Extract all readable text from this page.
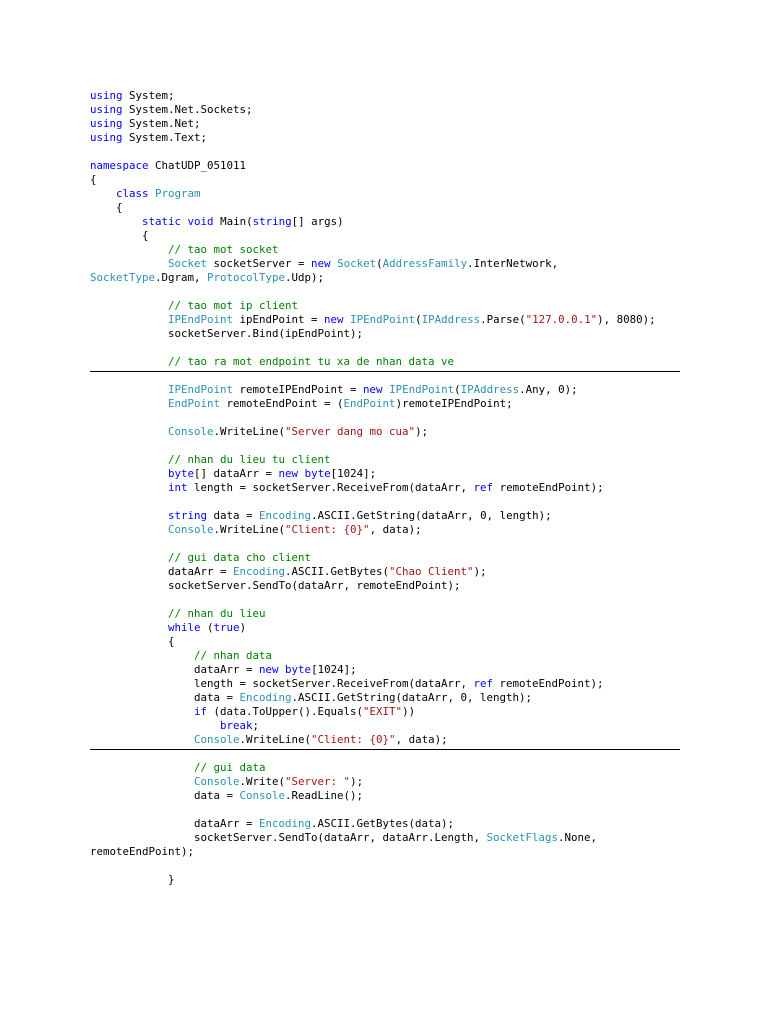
using System;
using System.Net.Sockets;
using System.Net;
using System.Text;
namespace ChatUDP_051011
{
class Program
{
static void Main(string[] args)
{
// tao mot socket
Socket socketServer = new Socket(AddressFamily.InterNetwork,
SocketType.Dgram, ProtocolType.Udp);
// tao mot ip client
IPEndPoint ipEndPoint = new IPEndPoint(IPAddress.Parse("127.0.0.1"), 8080);
socketServer.Bind(ipEndPoint);
// tao ra mot endpoint tu xa de nhan data ve
IPEndPoint remoteIPEndPoint = new IPEndPoint(IPAddress.Any, 0);
EndPoint remoteEndPoint = (EndPoint)remoteIPEndPoint;
Console.WriteLine("Server dang mo cua");
// nhan du lieu tu client
byte[] dataArr = new byte[1024];
int length = socketServer.ReceiveFrom(dataArr, ref remoteEndPoint);
string data = Encoding.ASCII.GetString(dataArr, 0, length);
Console.WriteLine("Client: {0}", data);
// gui data cho client
dataArr = Encoding.ASCII.GetBytes("Chao Client");
socketServer.SendTo(dataArr, remoteEndPoint);
// nhan du lieu
while (true)
{
// nhan data
dataArr = new byte[1024];
length = socketServer.ReceiveFrom(dataArr, ref remoteEndPoint);
data = Encoding.ASCII.GetString(dataArr, 0, length);
if (data.ToUpper().Equals("EXIT"))
break;
Console.WriteLine("Client: {0}", data);
// gui data
Console.Write("Server: ");
data = Console.ReadLine();
dataArr = Encoding.ASCII.GetBytes(data);
socketServer.SendTo(dataArr, dataArr.Length, SocketFlags.None,
remoteEndPoint);
}
